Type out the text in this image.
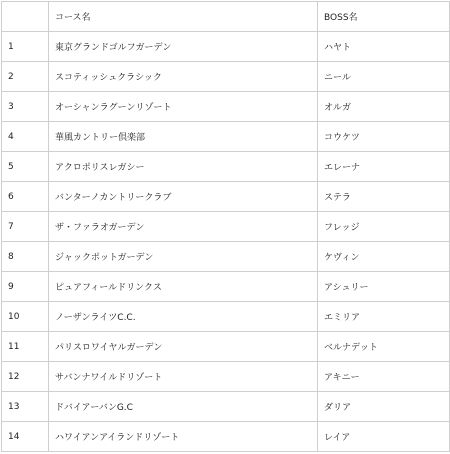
	コース名	BOSS名
1	東京グランドゴルフガーデン	ハヤト
2	スコティッシュクラシック	ニール
3	オーシャンラグーンリゾート	オルガ
4	華風カントリー倶楽部	コウケツ
5	アクロポリスレガシー	エレーナ
6	バンターノカントリークラブ	ステラ
7	ザ・ファラオガーデン	フレッジ
8	ジャックポットガーデン	ケヴィン
9	ピュアフィールドリンクス	アシュリー
10	ノーザンライツC.C.	エミリア
11	パリスロワイヤルガーデン	ベルナデット
12	サバンナワイルドリゾート	アキニー
13	ドバイアーバンG.C	ダリア
14	ハワイアンアイランドリゾート	レイア
